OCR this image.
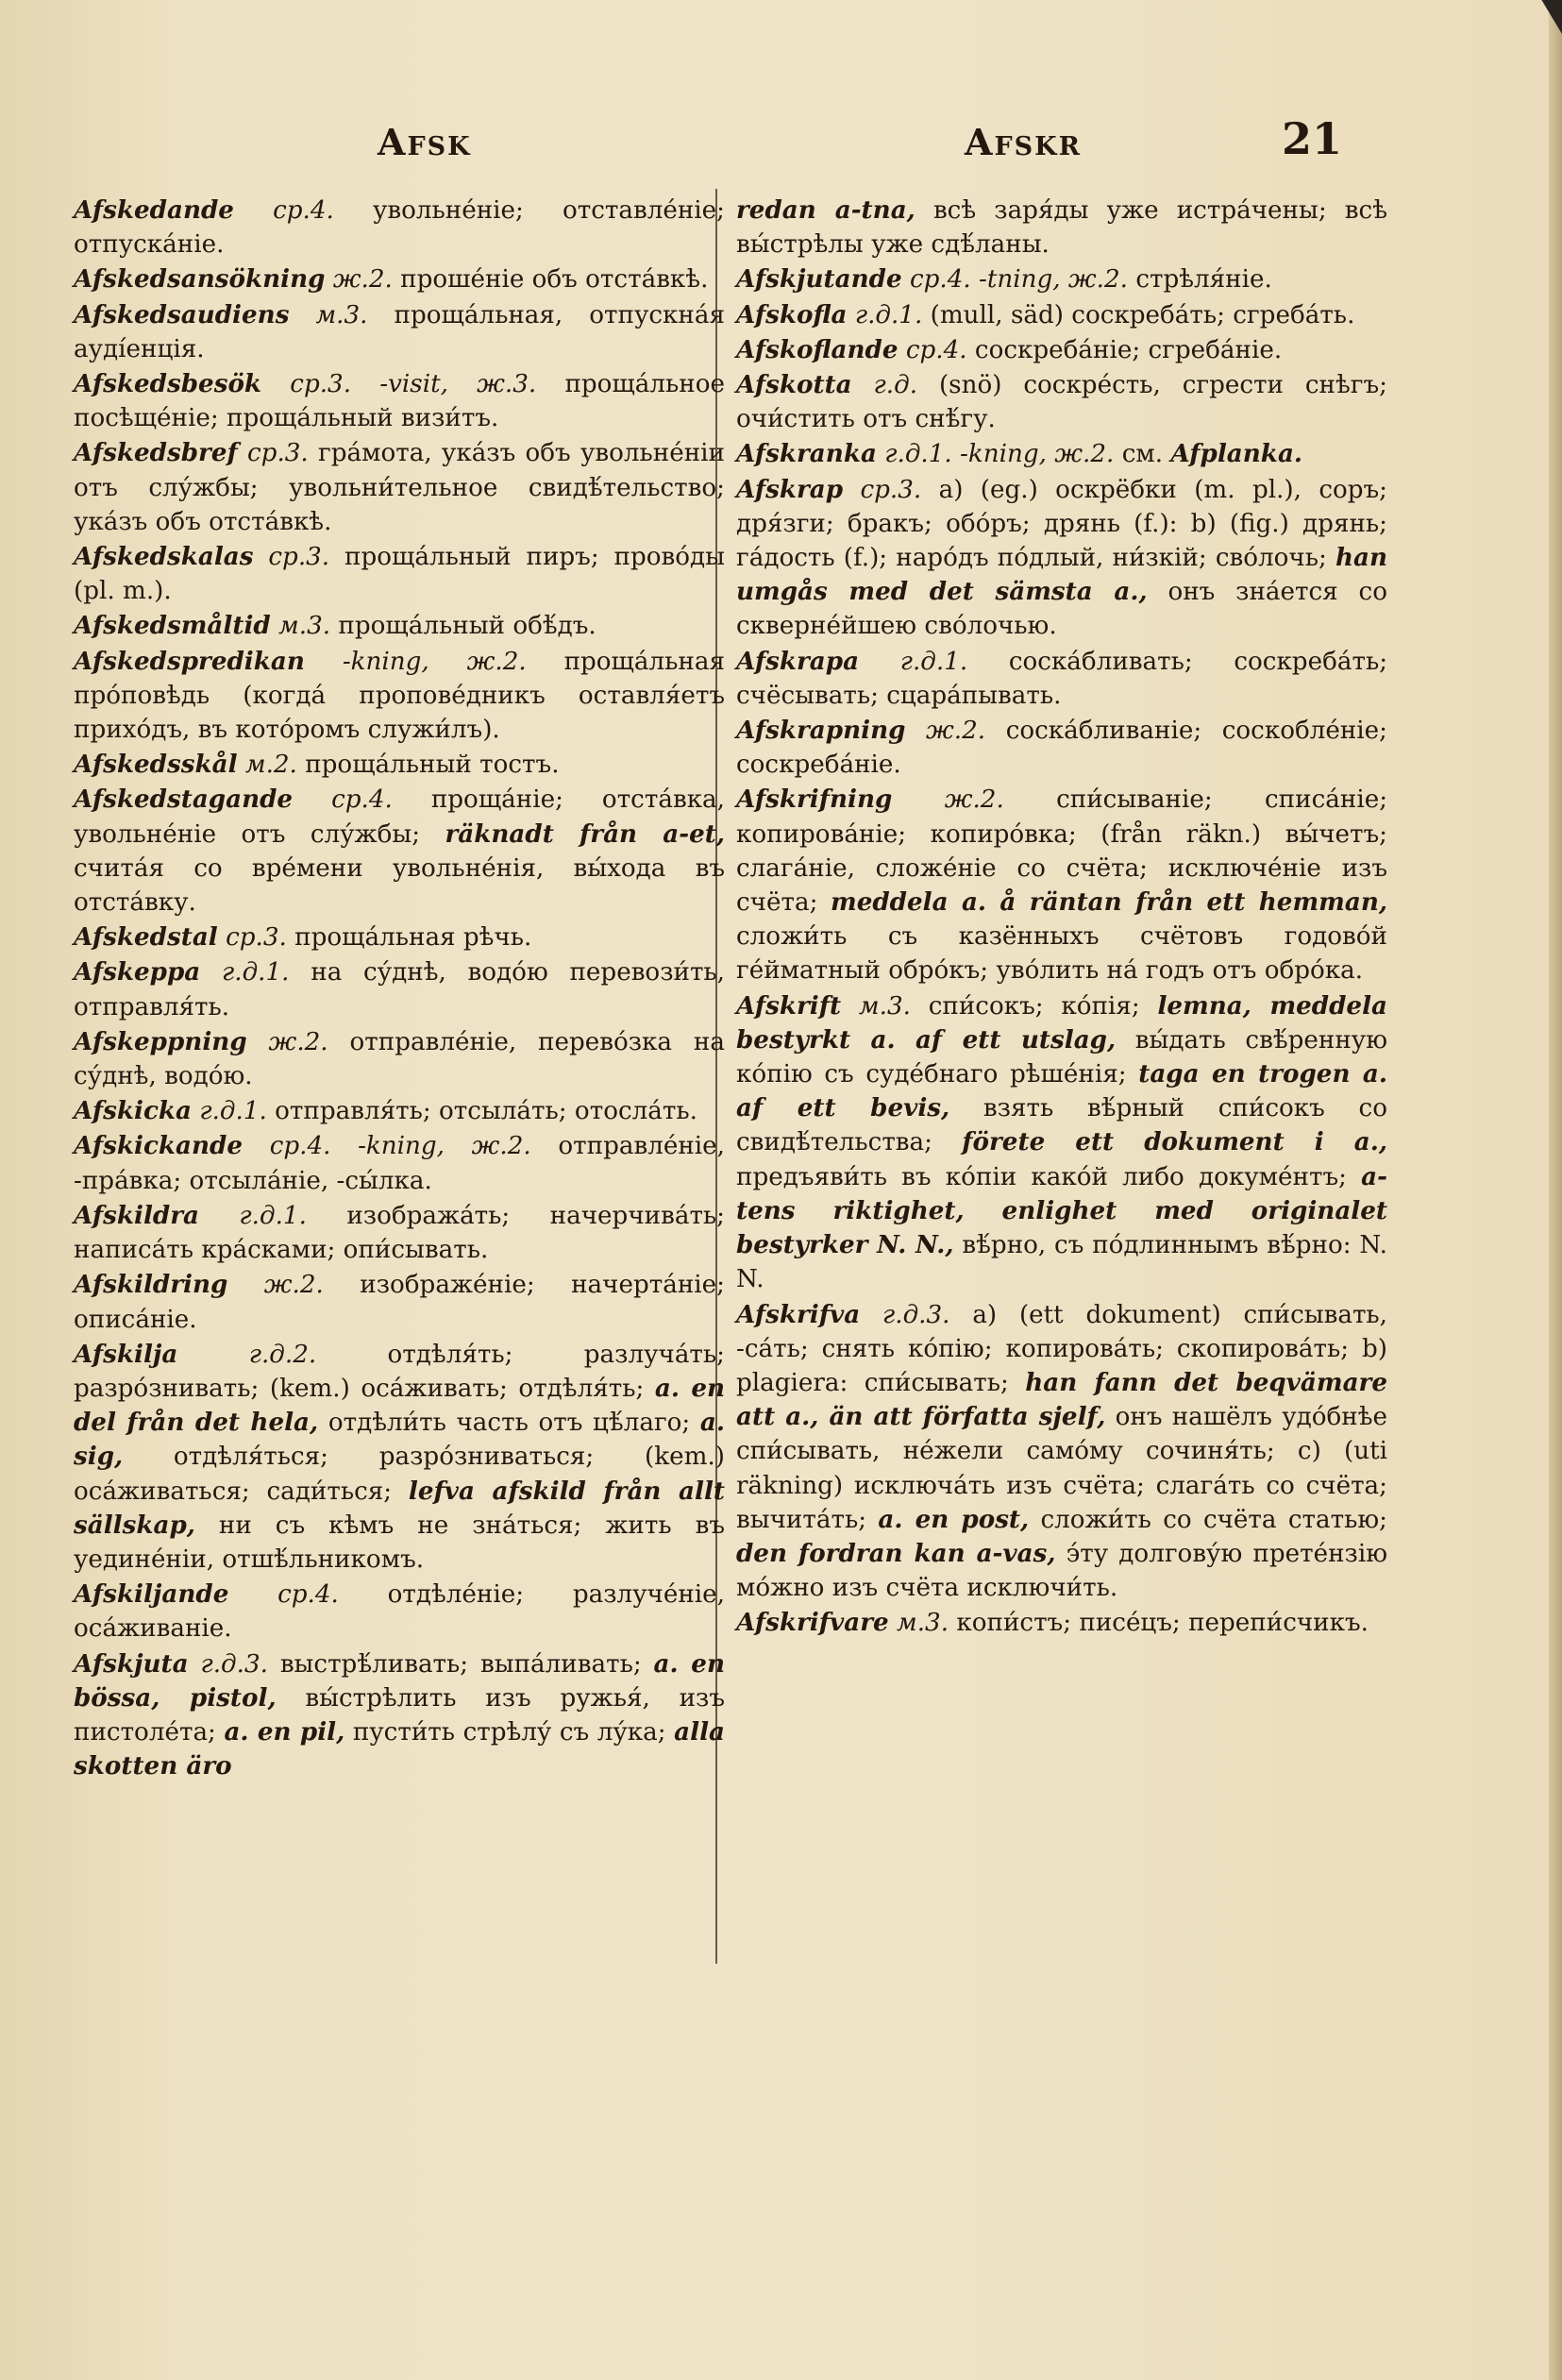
Afsk	Afskr	21
Afskedande ср.4. увольне́ніе; отставле́ніе; отпуска́ніе.
Afskedsansökning ж.2. проше́ніе объ отста́вкѣ.
Afskedsaudiens м.3. проща́льная, отпускна́я ауді́енція.
Afskedsbesök ср.3. -visit, ж.3. проща́льное посѣще́ніе; проща́льный визи́тъ.
Afskedsbref ср.3. гра́мота, ука́зъ объ увольне́ніи отъ слу́жбы; увольни́тельное свидѣ́тельство; ука́зъ объ отста́вкѣ.
Afskedskalas ср.3. проща́льный пиръ; прово́ды (pl. m.).
Afskedsmåltid м.3. проща́льный обѣ́дъ.
Afskedspredikan -kning, ж.2. проща́льная про́повѣдь (когда́ пропове́дникъ оставля́етъ прихо́дъ, въ кото́ромъ служи́лъ).
Afskedsskål м.2. проща́льный тостъ.
Afskedstagande ср.4. проща́ніе; отста́вка, увольне́ніе отъ слу́жбы; räknadt från a-et, счита́я со вре́мени увольне́нія, вы́хода въ отста́вку.
Afskedstal ср.3. проща́льная рѣчь.
Afskeppa г.д.1. на су́днѣ, водо́ю перевози́ть, отправля́ть.
Afskeppning ж.2. отправле́ніе, перево́зка на су́днѣ, водо́ю.
Afskicka г.д.1. отправля́ть; отсыла́ть; отосла́ть.
Afskickande ср.4. -kning, ж.2. отправле́ніе, -пра́вка; отсыла́ніе, -сы́лка.
Afskildra г.д.1. изобража́ть; начерчива́ть; написа́ть кра́сками; опи́сывать.
Afskildring ж.2. изображе́ніе; начерта́ніе; описа́ніе.
Afskilja	г.д.2.	отдѣля́ть; разлуча́ть; разро́знивать; (kem.) оса́живать; отдѣля́ть; a. en del från det hela, отдѣли́ть часть отъ цѣ́лаго; a. sig, отдѣля́ться; разро́зниваться; (kem.) оса́живаться; сади́ться; lefva afskild från allt sällskap, ни съ кѣмъ не зна́ться; жить въ уедине́ніи, отшѣ́льникомъ.
Afskiljande ср.4. отдѣле́ніе; разлуче́ніе, оса́живаніе.
Afskjuta г.д.3. выстрѣ́ливать; выпа́ливать; a. en bössa, pistol, вы́стрѣлить изъ ружья́, изъ пистоле́та; a. en pil, пусти́ть стрѣлу́ съ лу́ка; alla skotten äro
redan a-tna, всѣ заря́ды уже истра́чены; всѣ вы́стрѣлы уже сдѣ́ланы.
Afskjutande ср.4. -tning, ж.2. стрѣля́ніе.
Afskofla г.д.1. (mull, säd) соскреба́ть; сгреба́ть.
Afskoflande ср.4. соскреба́ніе; сгреба́ніе.
Afskotta г.д. (snö) соскре́сть, сгрести снѣгъ; очи́стить отъ снѣ́гу.
Afskranka г.д.1. -kning, ж.2. см. Afplanka.
Afskrap ср.3. a) (eg.) оскрёбки (m. pl.), соръ; дря́зги; бракъ; обо́ръ; дрянь (f.): b) (fig.) дрянь; га́дость (f.); наро́дъ по́длый, ни́зкій; сво́лочь; han umgås med det sämsta a., онъ зна́ется со скверне́йшею сво́лочью.
Afskrapa г.д.1. соска́бливать; соскреба́ть; счёсывать; сцара́пывать.
Afskrapning ж.2. соска́бливаніе; соскобле́ніе; соскреба́ніе.
Afskrifning ж.2. спи́сываніе; списа́ніе; копирова́ніе; копиро́вка; (från räkn.) вы́четъ; слага́ніе, сложе́ніе со счёта; исключе́ніе изъ счёта; meddela a. å räntan från ett hemman, сложи́ть съ казённыхъ счётовъ годово́й ге́йматный обро́къ; уво́лить на́ годъ отъ обро́ка.
Afskrift м.3. спи́сокъ; ко́пія; lemna, meddela bestyrkt a. af ett utslag, вы́дать свѣ́ренную ко́пію съ судéбнаго рѣше́нія; taga en trogen a. af ett bevis, взять вѣ́рный спи́сокъ со свидѣ́тельства; förete ett dokument i a., предъяви́ть въ ко́піи како́й либо докуме́нтъ; a-tens riktighet, enlighet med originalet bestyrker N. N., вѣ́рно, съ по́длиннымъ вѣ́рно: N. N.
Afskrifva г.д.3. a) (ett dokument) спи́сывать, -са́ть; снять ко́пію; копирова́ть; скопирова́ть; b) plagiera: спи́сывать; han fann det beqvämare att a., än att författa sjelf, онъ нашёлъ удо́бнѣе спи́сывать, не́жели само́му сочиня́ть; c) (uti räkning) исключа́ть изъ счёта; слага́ть со счёта; вычита́ть; a. en post, сложи́ть со счёта статью; den fordran kan a-vas, э́ту долгову́ю прете́нзію мо́жно изъ счёта исключи́ть.
Afskrifvare м.3. копи́стъ; писе́цъ; перепи́счикъ.
